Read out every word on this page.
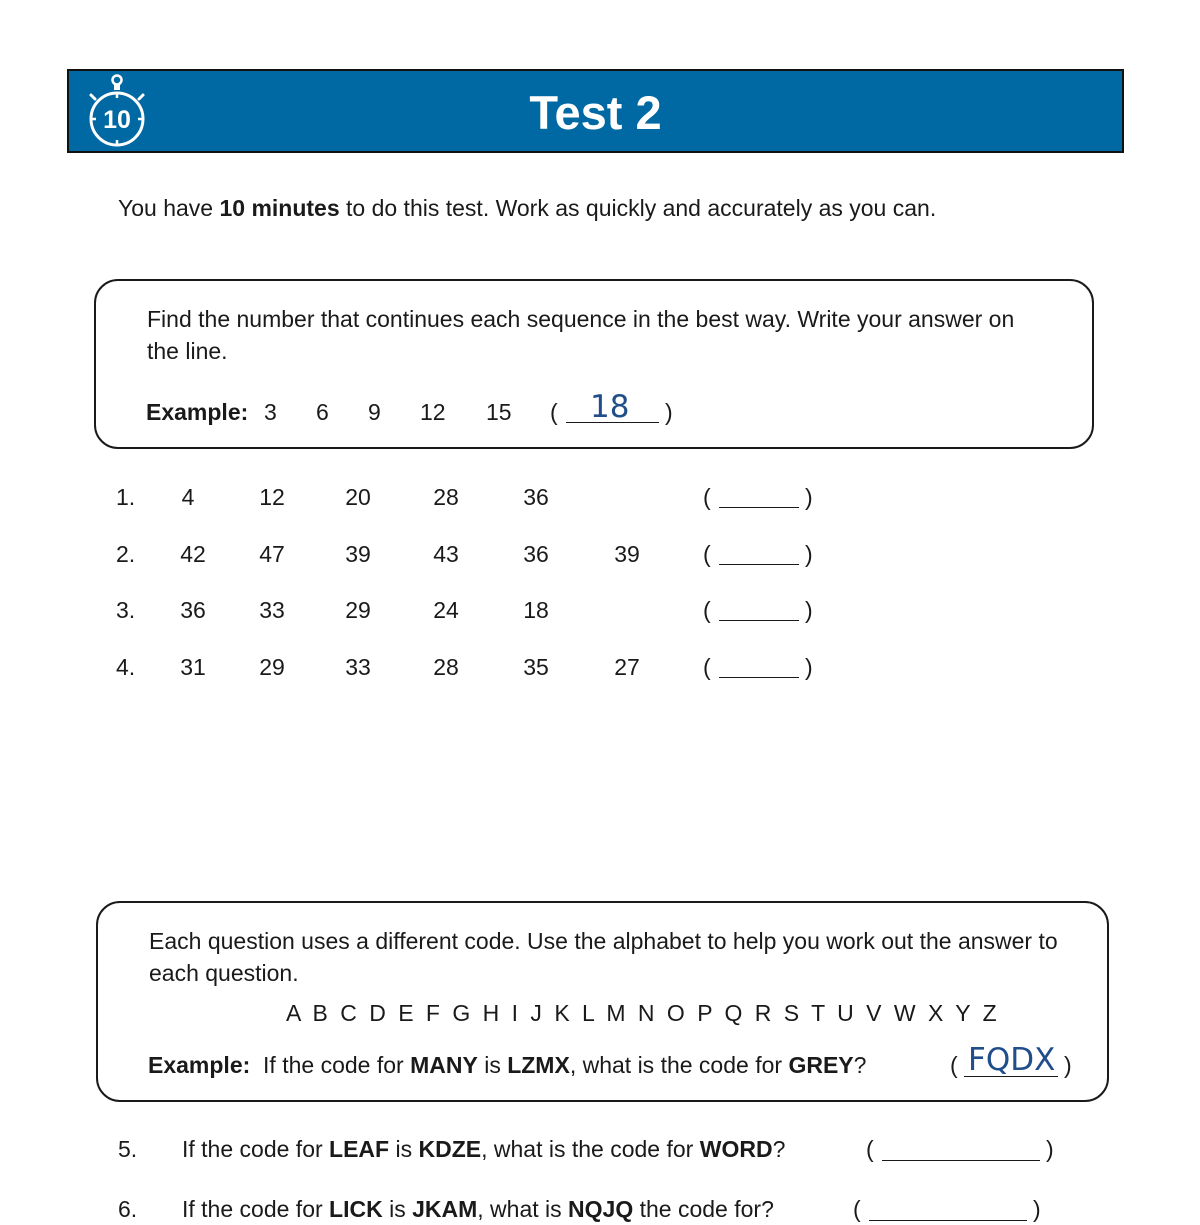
10	Test 2
You have 10 minutes to do this test. Work as quickly and accurately as you can.
Find the number that continues each sequence in the best way. Write your answer on the line.
Example: 3 6 9 12 15 ( 18 )
1.	4	12	20	28	36	(	)
2.	42	47	39	43	36	39	(	)
3.	36	33	29	24	18	(	)
4.	31	29	33	28	35	27	(	)
Each question uses a different code. Use the alphabet to help you work out the answer to each question.
A B C D E F G H I J K L M N O P Q R S T U V W X Y Z
Example: If the code for MANY is LZMX, what is the code for GREY?	( FQDX )
5. If the code for LEAF is KDZE, what is the code for WORD?	(	)
6. If the code for LICK is JKAM, what is NQJQ the code for?	(	)
